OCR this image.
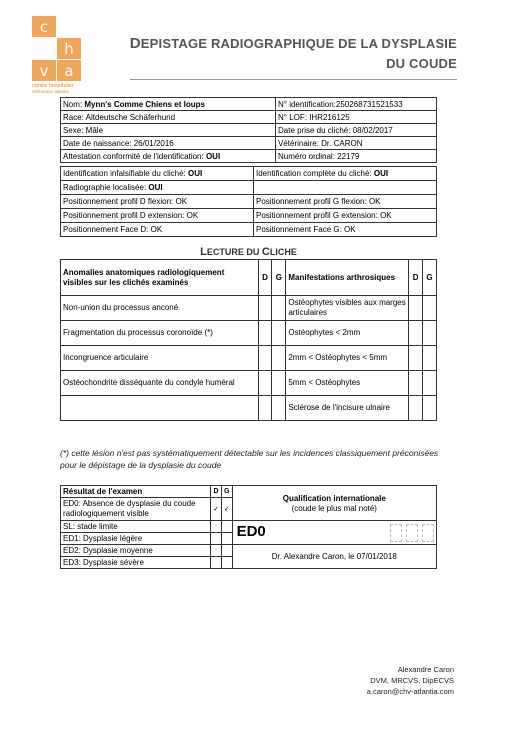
c
h
v	a
centre hospitalier
vétérinaire atlantia
DEPISTAGE RADIOGRAPHIQUE DE LA DYSPLASIE
DU COUDE
Nom: Mynn's Comme Chiens et loups	N° identification:250268731521533
Race: Altdeutsche Schäferhund	N° LOF: IHR216125
Sexe: Mâle	Date prise du cliché: 08/02/2017
Date de naissance: 26/01/2016	Vétérinaire: Dr. CARON
Attestation conformité de l'identification: OUI	Numéro ordinal: 22179
Identification infalsifiable du cliché: OUI	Identification complète du cliché: OUI
Radiographie localisée: OUI	
Positionnement profil D flexion: OK	Positionnement profil G flexion: OK
Positionnement profil D extension: OK	Positionnement profil G extension: OK
Positionnement Face D: OK	Positionnement Face G: OK
LECTURE DU CLICHE
Anomalies anatomiques radiologiquement visibles sur les clichés examinés	D	G	Manifestations arthrosiques	D	G
Non-union du processus anconé			Ostéophytes visibles aux marges articulaires		
Fragmentation du processus coronoïde (*)			Ostéophytes < 2mm		
Incongruence articulaire			2mm < Ostéophytes < 5mm		
Ostéochondrite disséquante du condyle huméral			5mm < Ostéophytes		
			Sclérose de l'incisure ulnaire		
(*) cette lésion n'est pas systématiquement détectable sur les incidences classiquement préconisées pour le dépistage de la dysplasie du coude
Résultat de l'examen	D	G	Qualification internationale
(coude le plus mal noté)

ED0: Absence de dysplasie du coude radiologiquement visible	✓	✓	
SL: stade limite			ED0

ED1: Dysplasie légère			
ED2: Dysplasie moyenne			Dr. Alexandre Caron, le 07/01/2018
ED3: Dysplasie sévère			
Alexandre Caron
DVM, MRCVS, DipECVS
a.caron@chv-atlantia.com
